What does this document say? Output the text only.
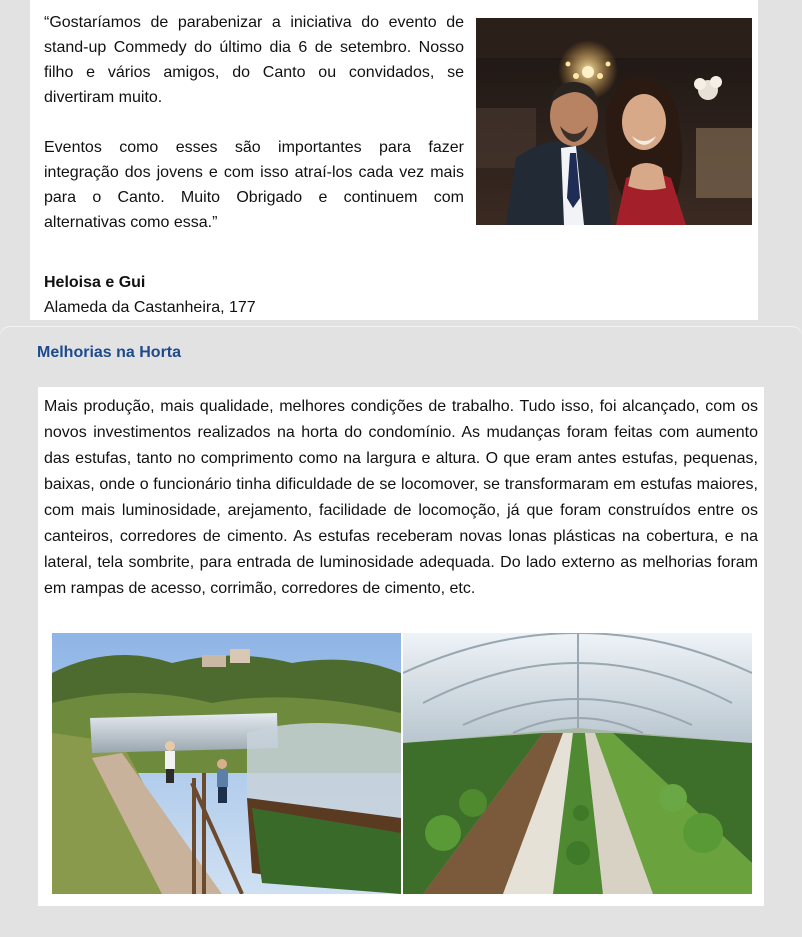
“Gostaríamos de parabenizar a iniciativa do evento de stand-up Commedy do último dia 6 de setembro. Nosso filho e vários amigos, do Canto ou convidados, se divertiram muito.

Eventos como esses são importantes para fazer integração dos jovens e com isso atraí-los cada vez mais para o Canto. Muito Obrigado e continuem com alternativas como essa.”

Heloisa e Gui
Alameda da Castanheira, 177
Melhorias na Horta

Mais produção, mais qualidade, melhores condições de trabalho. Tudo isso, foi alcançado, com os novos investimentos realizados na horta do condomínio. As mudanças foram feitas com aumento das estufas, tanto no comprimento como na largura e altura. O que eram antes estufas, pequenas, baixas, onde o funcionário tinha dificuldade de se locomover, se transformaram em estufas maiores, com mais luminosidade, arejamento, facilidade de locomoção, já que foram construídos entre os canteiros, corredores de cimento. As estufas receberam novas lonas plásticas na cobertura, e na lateral, tela sombrite, para entrada de luminosidade adequada. Do lado externo as melhorias foram em rampas de acesso, corrimão, corredores de cimento, etc.
